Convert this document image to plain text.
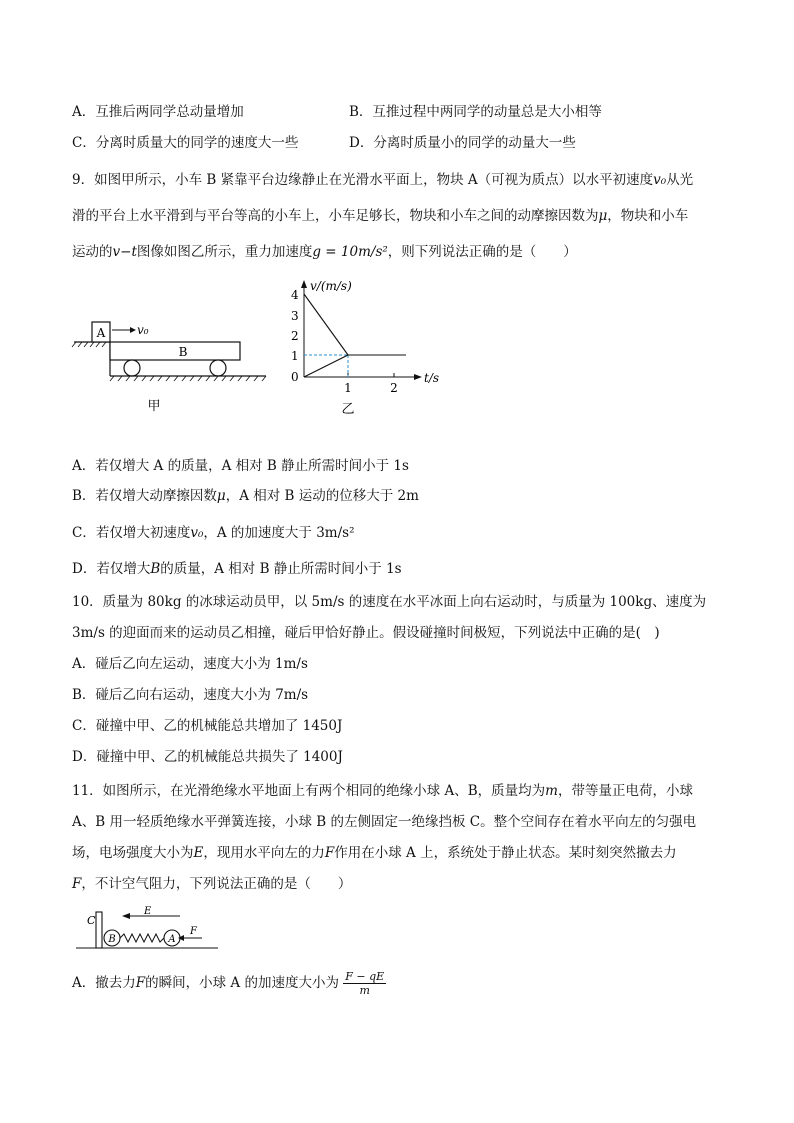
A．互推后两同学总动量增加	B．互推过程中两同学的动量总是大小相等
C．分离时质量大的同学的速度大一些	D．分离时质量小的同学的动量大一些
9．如图甲所示，小车 B 紧靠平台边缘静止在光滑水平面上，物块 A（可视为质点）以水平初速度v₀从光
滑的平台上水平滑到与平台等高的小车上，小车足够长，物块和小车之间的动摩擦因数为μ，物块和小车
运动的v−t图像如图乙所示，重力加速度g = 10m/s²，则下列说法正确的是（　　）
A	v₀
B
甲
v/(m/s)
t/s
4
3
2
1
0
1	2
乙
A．若仅增大 A 的质量，A 相对 B 静止所需时间小于 1s
B．若仅增大动摩擦因数μ，A 相对 B 运动的位移大于 2m
C．若仅增大初速度v₀，A 的加速度大于 3m/s²
D．若仅增大B的质量，A 相对 B 静止所需时间小于 1s
10．质量为 80kg 的冰球运动员甲，以 5m/s 的速度在水平冰面上向右运动时，与质量为 100kg、速度为
3m/s 的迎面而来的运动员乙相撞，碰后甲恰好静止。假设碰撞时间极短，下列说法中正确的是(　)
A．碰后乙向左运动，速度大小为 1m/s
B．碰后乙向右运动，速度大小为 7m/s
C．碰撞中甲、乙的机械能总共增加了 1450J
D．碰撞中甲、乙的机械能总共损失了 1400J
11．如图所示，在光滑绝缘水平地面上有两个相同的绝缘小球 A、B，质量均为m，带等量正电荷，小球
A、B 用一轻质绝缘水平弹簧连接，小球 B 的左侧固定一绝缘挡板 C。整个空间存在着水平向左的匀强电
场，电场强度大小为E，现用水平向左的力F作用在小球 A 上，系统处于静止状态。某时刻突然撤去力
F，不计空气阻力，下列说法正确的是（　　）
C
E
B	A
F
A．撤去力F的瞬间，小球 A 的加速度大小为 $\frac{F - qE}{m}$
